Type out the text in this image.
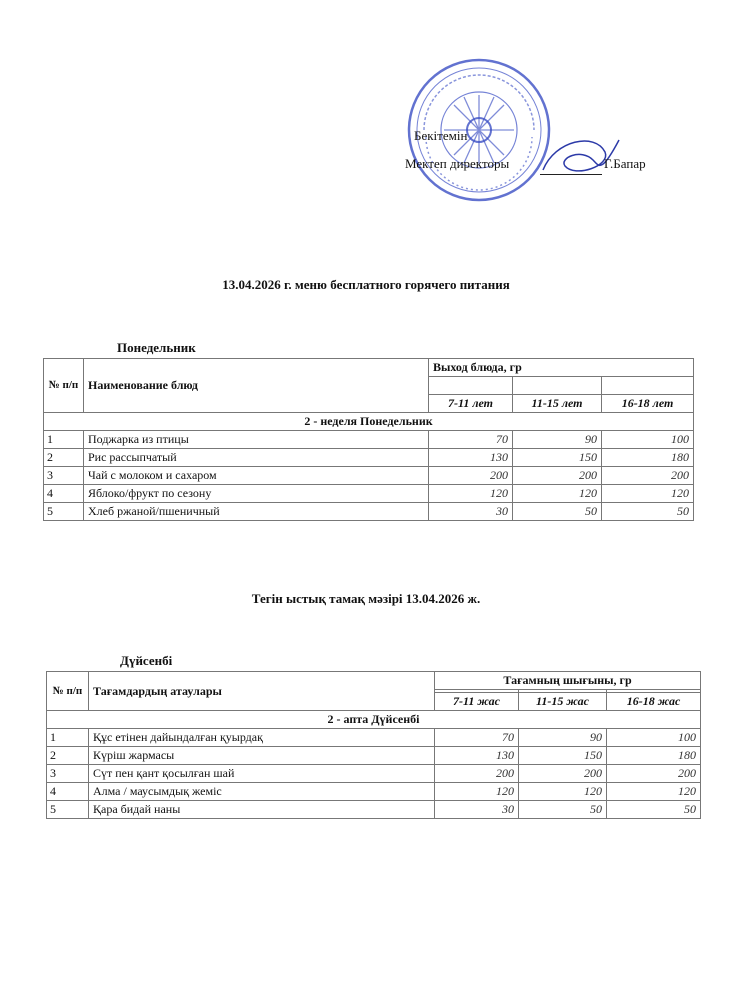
Бекітемін
Мектеп директоры	Г.Бапар
13.04.2026 г. меню бесплатного горячего питания
Понедельник
№ п/п	Наименование блюд	Выход блюда, гр		

		7-11 лет	11-15 лет	16-18 лет
2 - неделя Понедельник				
1	Поджарка из птицы	70	90	100
2	Рис рассыпчатый	130	150	180
3	Чай с молоком и сахаром	200	200	200
4	Яблоко/фрукт по сезону	120	120	120
5	Хлеб ржаной/пшеничный	30	50	50
Тегін ыстық тамақ мәзірі 13.04.2026 ж.
Дүйсенбі
№ п/п	Тағамдардың атаулары	Тағамның шығыны, гр		

		7-11 жас	11-15 жас	16-18 жас
2 - апта Дүйсенбі				
1	Құс етінен дайындалған қуырдақ	70	90	100
2	Күріш жармасы	130	150	180
3	Сүт пен қант қосылған шай	200	200	200
4	Алма / маусымдық жеміс	120	120	120
5	Қара бидай наны	30	50	50
